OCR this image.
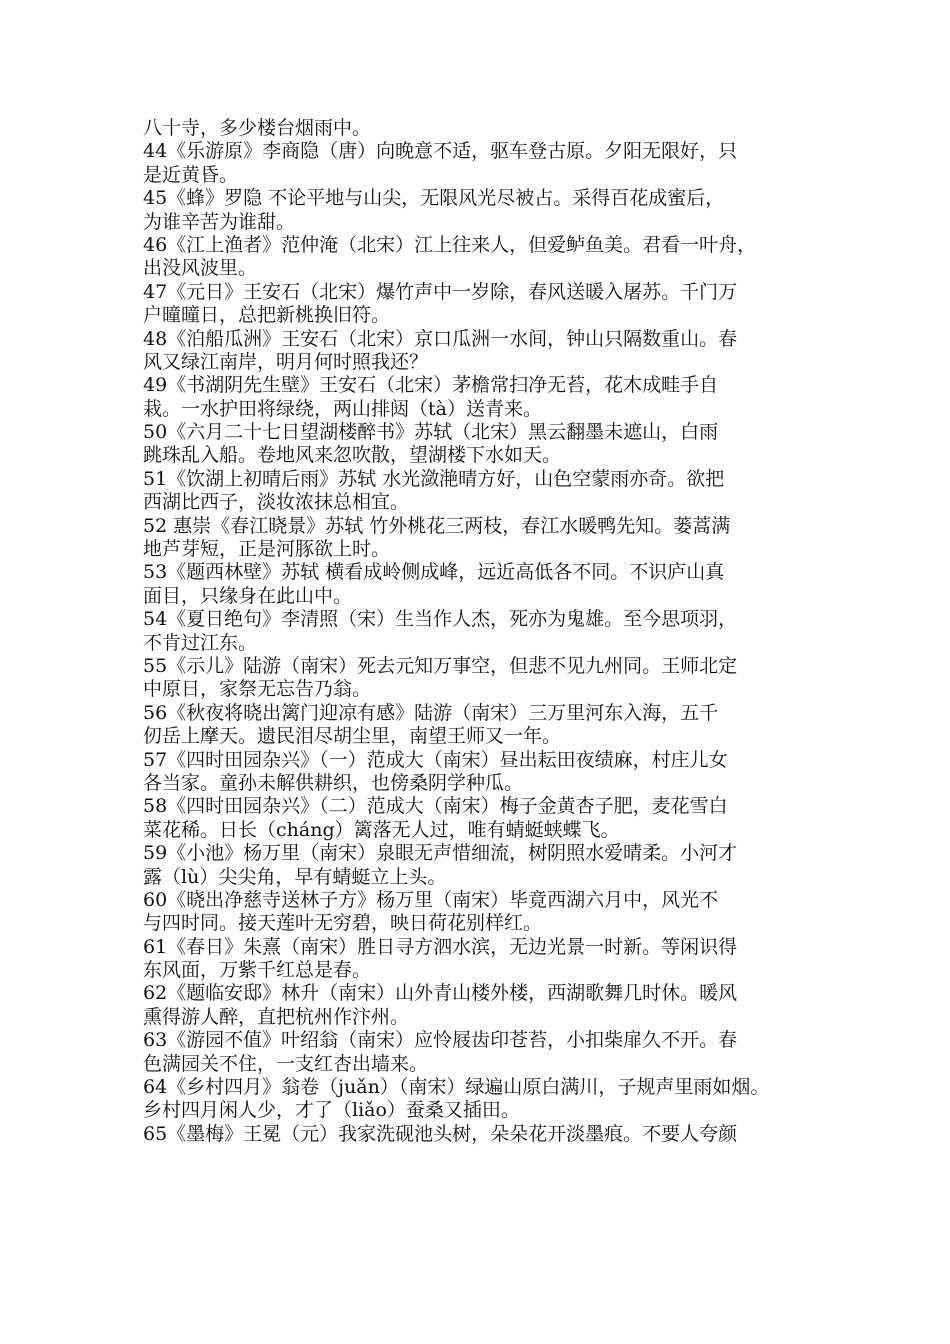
八十寺，多少楼台烟雨中。
44《乐游原》李商隐（唐）向晚意不适，驱车登古原。夕阳无限好，只
是近黄昏。
45《蜂》罗隐 不论平地与山尖，无限风光尽被占。采得百花成蜜后，
为谁辛苦为谁甜。
46《江上渔者》范仲淹（北宋）江上往来人，但爱鲈鱼美。君看一叶舟，
出没风波里。
47《元日》王安石（北宋）爆竹声中一岁除，春风送暖入屠苏。千门万
户曈曈日，总把新桃换旧符。
48《泊船瓜洲》王安石（北宋）京口瓜洲一水间，钟山只隔数重山。春
风又绿江南岸，明月何时照我还？
49《书湖阴先生壁》王安石（北宋）茅檐常扫净无苔，花木成畦手自
栽。一水护田将绿绕，两山排闼（tà）送青来。
50《六月二十七日望湖楼醉书》苏轼（北宋）黑云翻墨未遮山，白雨
跳珠乱入船。卷地风来忽吹散，望湖楼下水如天。
51《饮湖上初晴后雨》苏轼 水光潋滟晴方好，山色空蒙雨亦奇。欲把
西湖比西子，淡妆浓抹总相宜。
52 惠崇《春江晓景》苏轼 竹外桃花三两枝，春江水暖鸭先知。蒌蒿满
地芦芽短，正是河豚欲上时。
53《题西林壁》苏轼 横看成岭侧成峰，远近高低各不同。不识庐山真
面目，只缘身在此山中。
54《夏日绝句》李清照（宋）生当作人杰，死亦为鬼雄。至今思项羽，
不肯过江东。
55《示儿》陆游（南宋）死去元知万事空，但悲不见九州同。王师北定
中原日，家祭无忘告乃翁。
56《秋夜将晓出篱门迎凉有感》陆游（南宋）三万里河东入海，五千
仞岳上摩天。遗民泪尽胡尘里，南望王师又一年。
57《四时田园杂兴》（一）范成大（南宋）昼出耘田夜绩麻，村庄儿女
各当家。童孙未解供耕织，也傍桑阴学种瓜。
58《四时田园杂兴》（二）范成大（南宋）梅子金黄杏子肥，麦花雪白
菜花稀。日长（cháng）篱落无人过，唯有蜻蜓蛱蝶飞。
59《小池》杨万里（南宋）泉眼无声惜细流，树阴照水爱晴柔。小河才
露（lù）尖尖角，早有蜻蜓立上头。
60《晓出净慈寺送林子方》杨万里（南宋）毕竟西湖六月中，风光不
与四时同。接天莲叶无穷碧，映日荷花别样红。
61《春日》朱熹（南宋）胜日寻方泗水滨，无边光景一时新。等闲识得
东风面，万紫千红总是春。
62《题临安邸》林升（南宋）山外青山楼外楼，西湖歌舞几时休。暖风
熏得游人醉，直把杭州作汴州。
63《游园不值》叶绍翁（南宋）应怜屐齿印苍苔，小扣柴扉久不开。春
色满园关不住，一支红杏出墙来。
64《乡村四月》翁卷（juǎn）（南宋）绿遍山原白满川，子规声里雨如烟。
乡村四月闲人少，才了（liǎo）蚕桑又插田。
65《墨梅》王冕（元）我家洗砚池头树，朵朵花开淡墨痕。不要人夸颜
